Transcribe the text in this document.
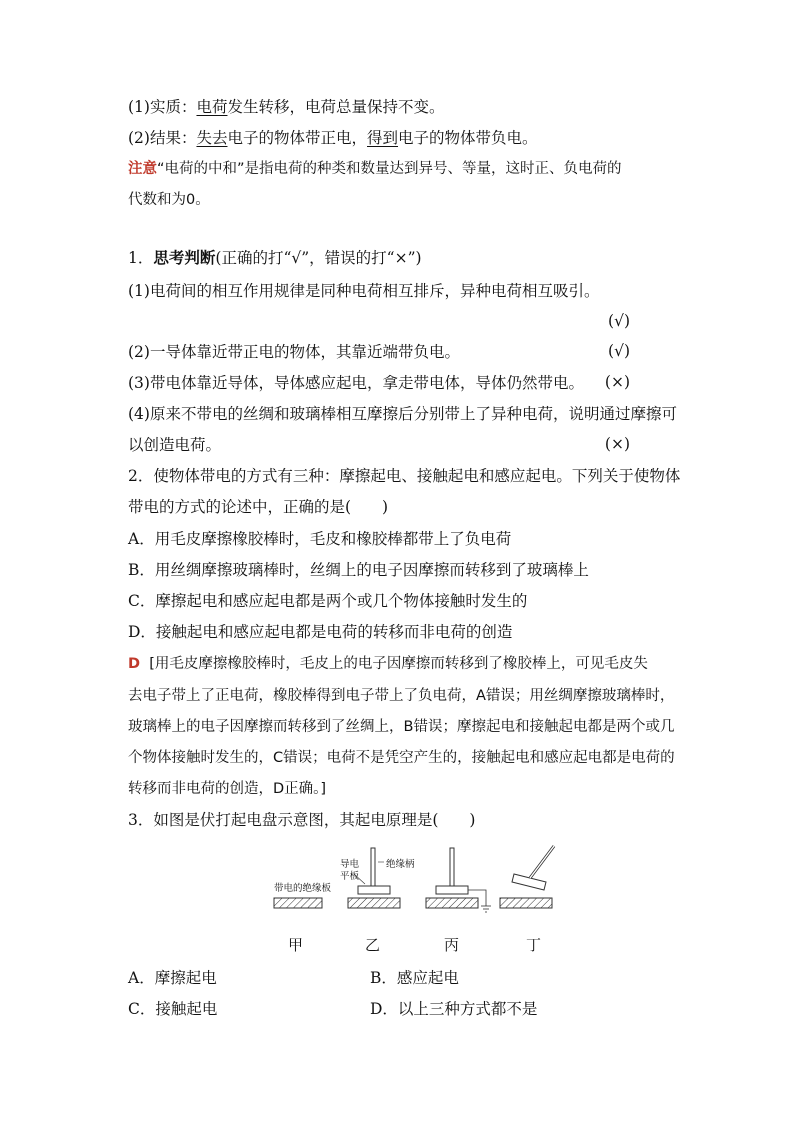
(1)实质：电荷发生转移，电荷总量保持不变。
(2)结果：失去电子的物体带正电，得到电子的物体带负电。
注意“电荷的中和”是指电荷的种类和数量达到异号、等量，这时正、负电荷的
代数和为0。
1．思考判断(正确的打“√”，错误的打“×”)
(1)电荷间的相互作用规律是同种电荷相互排斥，异种电荷相互吸引。
(√)
(2)一导体靠近带正电的物体，其靠近端带负电。	(√)
(3)带电体靠近导体，导体感应起电，拿走带电体，导体仍然带电。 (×)
(4)原来不带电的丝绸和玻璃棒相互摩擦后分别带上了异种电荷，说明通过摩擦可
以创造电荷。	(×)
2．使物体带电的方式有三种：摩擦起电、接触起电和感应起电。下列关于使物体
带电的方式的论述中，正确的是(　　)
A．用毛皮摩擦橡胶棒时，毛皮和橡胶棒都带上了负电荷
B．用丝绸摩擦玻璃棒时，丝绸上的电子因摩擦而转移到了玻璃棒上
C．摩擦起电和感应起电都是两个或几个物体接触时发生的
D．接触起电和感应起电都是电荷的转移而非电荷的创造
D [用毛皮摩擦橡胶棒时，毛皮上的电子因摩擦而转移到了橡胶棒上，可见毛皮失
去电子带上了正电荷，橡胶棒得到电子带上了负电荷，A错误；用丝绸摩擦玻璃棒时，
玻璃棒上的电子因摩擦而转移到了丝绸上，B错误；摩擦起电和接触起电都是两个或几
个物体接触时发生的，C错误；电荷不是凭空产生的，接触起电和感应起电都是电荷的
转移而非电荷的创造，D正确。]
3．如图是伏打起电盘示意图，其起电原理是(　　)
带电的绝缘板
导电
平板
绝缘柄
甲	乙	丙	丁
A．摩擦起电	B．感应起电
C．接触起电	D．以上三种方式都不是
